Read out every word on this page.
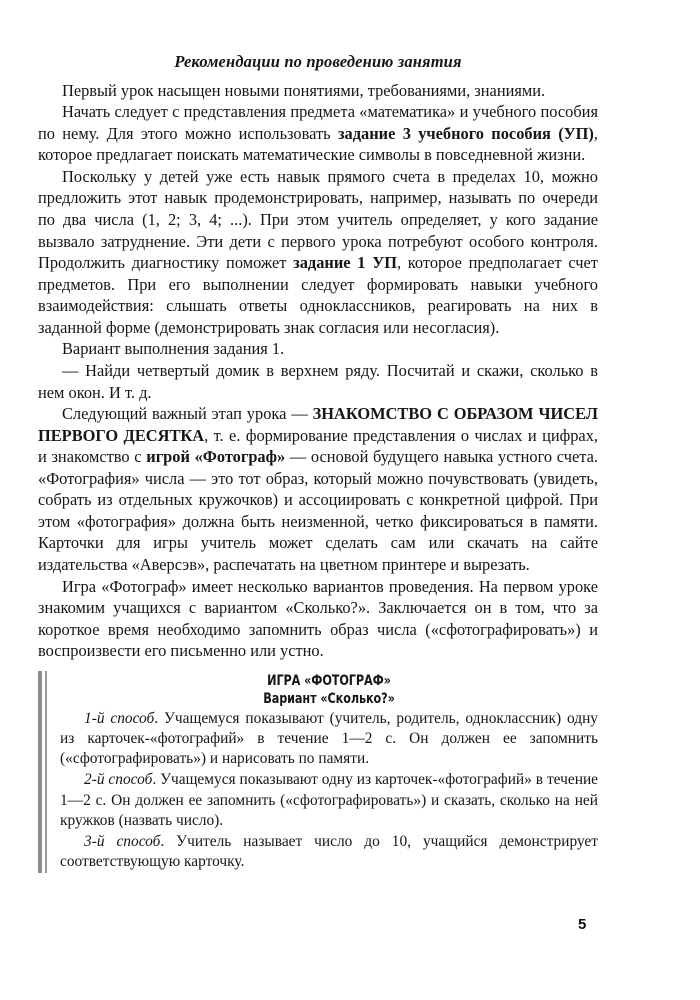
Рекомендации по проведению занятия

Первый урок насыщен новыми понятиями, требованиями, знаниями.

Начать следует с представления предмета «математика» и учебного пособия по нему. Для этого можно использовать задание 3 учебного пособия (УП), которое предлагает поискать математические символы в повседневной жизни.

Поскольку у детей уже есть навык прямого счета в пределах 10, можно предложить этот навык продемонстрировать, например, называть по очереди по два числа (1, 2; 3, 4; ...). При этом учитель определяет, у кого задание вызвало затруднение. Эти дети с первого урока потребуют особого контроля. Продолжить диагностику поможет задание 1 УП, которое предполагает счет предметов. При его выполнении следует формировать навыки учебного взаимодействия: слышать ответы одноклассников, реагировать на них в заданной форме (демонстрировать знак согласия или несогласия).

Вариант выполнения задания 1.

— Найди четвертый домик в верхнем ряду. Посчитай и скажи, сколько в нем окон. И т. д.

Следующий важный этап урока — ЗНАКОМСТВО С ОБРАЗОМ ЧИСЕЛ ПЕРВОГО ДЕСЯТКА, т. е. формирование представления о числах и цифрах, и знакомство с игрой «Фотограф» — основой будущего навыка устного счета. «Фотография» числа — это тот образ, который можно почувствовать (увидеть, собрать из отдельных кружочков) и ассоциировать с конкретной цифрой. При этом «фотография» должна быть неизменной, четко фиксироваться в памяти. Карточки для игры учитель может сделать сам или скачать на сайте издательства «Аверсэв», распечатать на цветном принтере и вырезать.

Игра «Фотограф» имеет несколько вариантов проведения. На первом уроке знакомим учащихся с вариантом «Сколько?». Заключается он в том, что за короткое время необходимо запомнить образ числа («сфотографировать») и воспроизвести его письменно или устно.

ИГРА «ФОТОГРАФ»

Вариант «Сколько?»

1-й способ. Учащемуся показывают (учитель, родитель, одноклассник) одну из карточек-«фотографий» в течение 1—2 с. Он должен ее запомнить («сфотографировать») и нарисовать по памяти.

2-й способ. Учащемуся показывают одну из карточек-«фотографий» в течение 1—2 с. Он должен ее запомнить («сфотографировать») и сказать, сколько на ней кружков (назвать число).

3-й способ. Учитель называет число до 10, учащийся демонстрирует соответствующую карточку.

5
